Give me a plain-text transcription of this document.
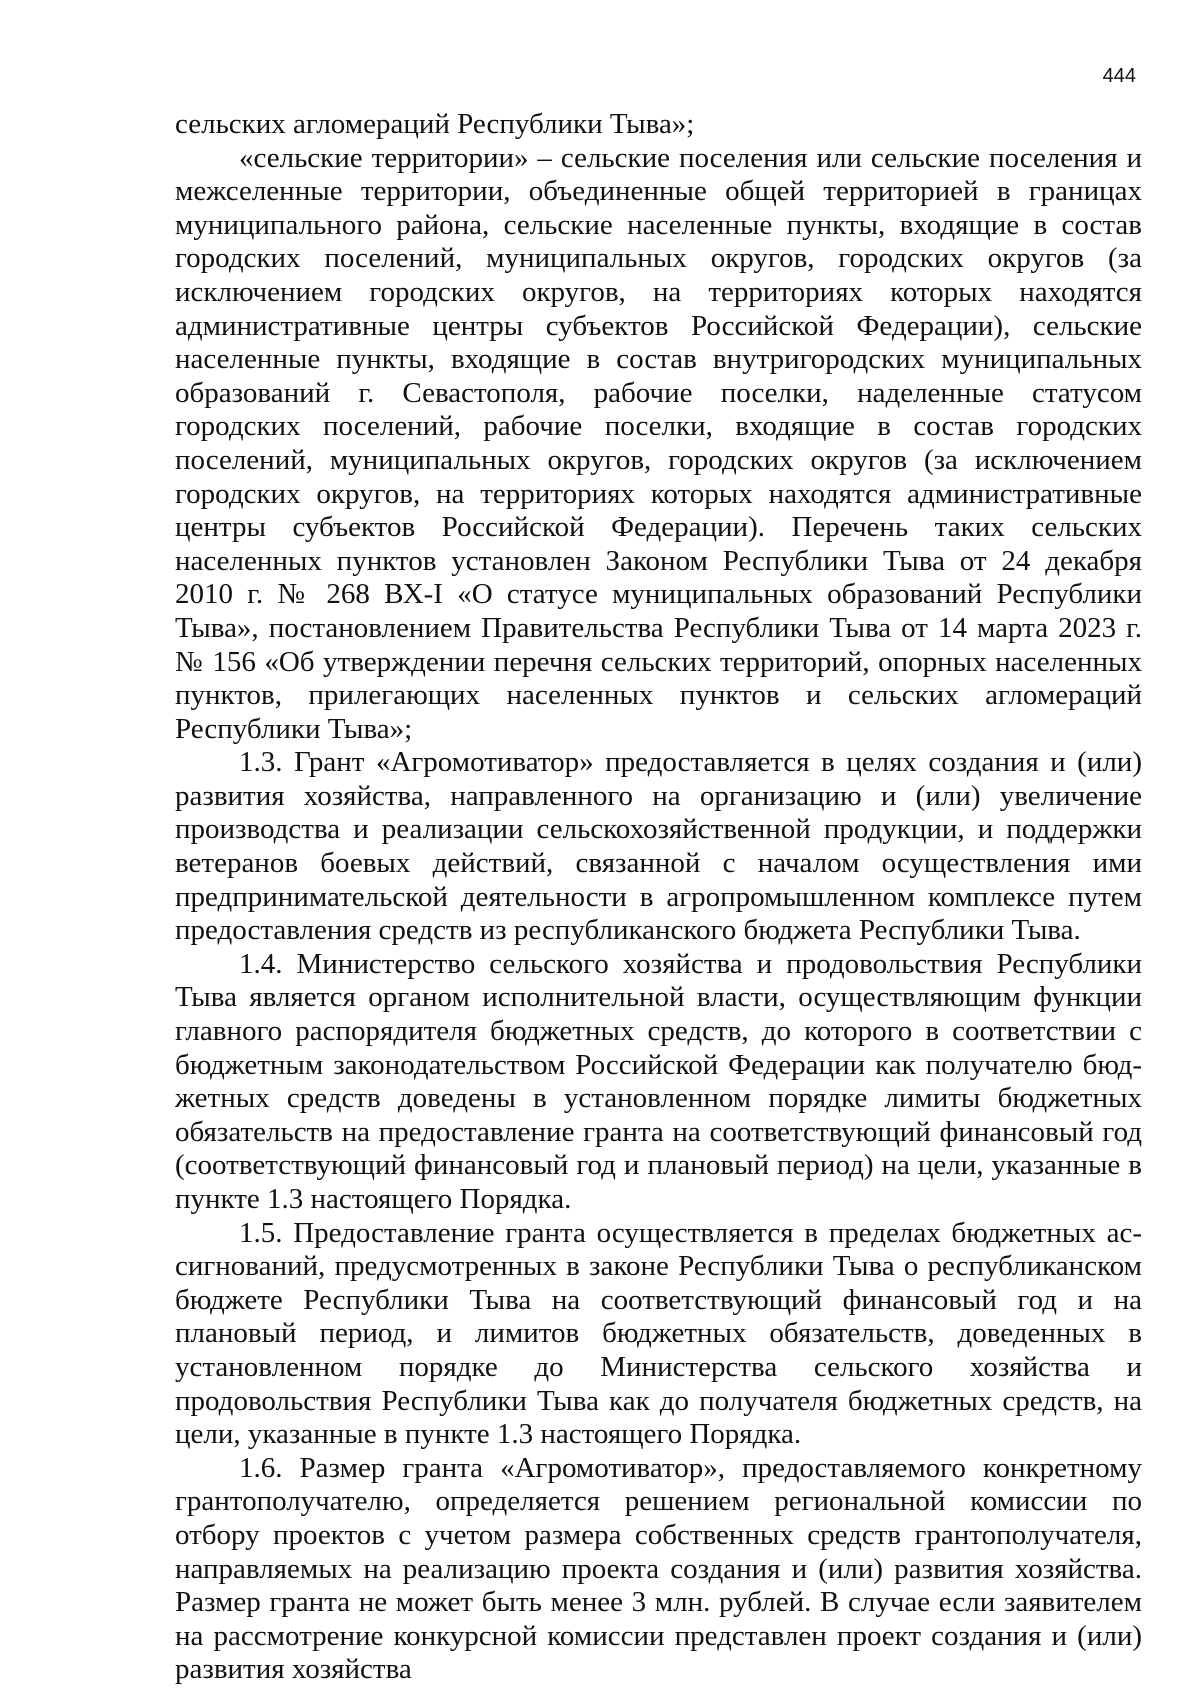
444

сельских агломераций Республики Тыва»;

«сельские территории» – сельские поселения или сельские поселения и межселенные территории, объединенные общей территорией в границах муниципального района, сельские населенные пункты, входящие в состав городских поселений, муниципальных округов, городских округов (за исключением городских округов, на территориях которых находятся административные центры субъектов Российской Федерации), сельские населенные пункты, входящие в состав внутригородских муниципальных образований г. Севастополя, рабочие поселки, наделенные статусом городских поселений, рабочие поселки, входящие в состав городских поселений, муниципальных округов, городских округов (за исключением городских округов, на территориях которых находятся административные центры субъектов Российской Федерации). Перечень таких сельских населенных пунктов установлен Законом Республики Тыва от 24 декабря 2010 г. № 268 ВХ-I «О статусе муниципальных образований Республики Тыва», постановлением Правительства Республики Тыва от 14 марта 2023 г. № 156 «Об утверждении перечня сельских территорий, опорных населенных пунктов, прилегающих населенных пунктов и сельских агломераций Республики Тыва»;

1.3. Грант «Агромотиватор» предоставляется в целях создания и (или) развития хозяйства, направленного на организацию и (или) увеличение производства и реализации сельскохозяйственной продукции, и поддержки ветеранов боевых действий, связанной с началом осуществления ими предпринимательской деятельности в агропромышленном комплексе путем предоставления средств из республиканского бюджета Республики Тыва.

1.4. Министерство сельского хозяйства и продовольствия Республики Тыва является органом исполнительной власти, осуществляющим функции главного распорядителя бюджетных средств, до которого в соответствии с бюджетным законодательством Российской Федерации как получателю бюджетных средств доведены в установленном порядке лимиты бюджетных обязательств на предоставление гранта на соответствующий финансовый год (соответствующий финансовый год и плановый период) на цели, указанные в пункте 1.3 настоящего Порядка.

1.5. Предоставление гранта осуществляется в пределах бюджетных ассигнований, предусмотренных в законе Республики Тыва о республиканском бюджете Республики Тыва на соответствующий финансовый год и на плановый период, и лимитов бюджетных обязательств, доведенных в установленном порядке до Министерства сельского хозяйства и продовольствия Республики Тыва как до получателя бюджетных средств, на цели, указанные в пункте 1.3 настоящего Порядка.

1.6. Размер гранта «Агромотиватор», предоставляемого конкретному грантополучателю, определяется решением региональной комиссии по отбору проектов с учетом размера собственных средств грантополучателя, направляемых на реализацию проекта создания и (или) развития хозяйства. Размер гранта не может быть менее 3 млн. рублей. В случае если заявителем на рассмотрение конкурсной комиссии представлен проект создания и (или) развития хозяйства
